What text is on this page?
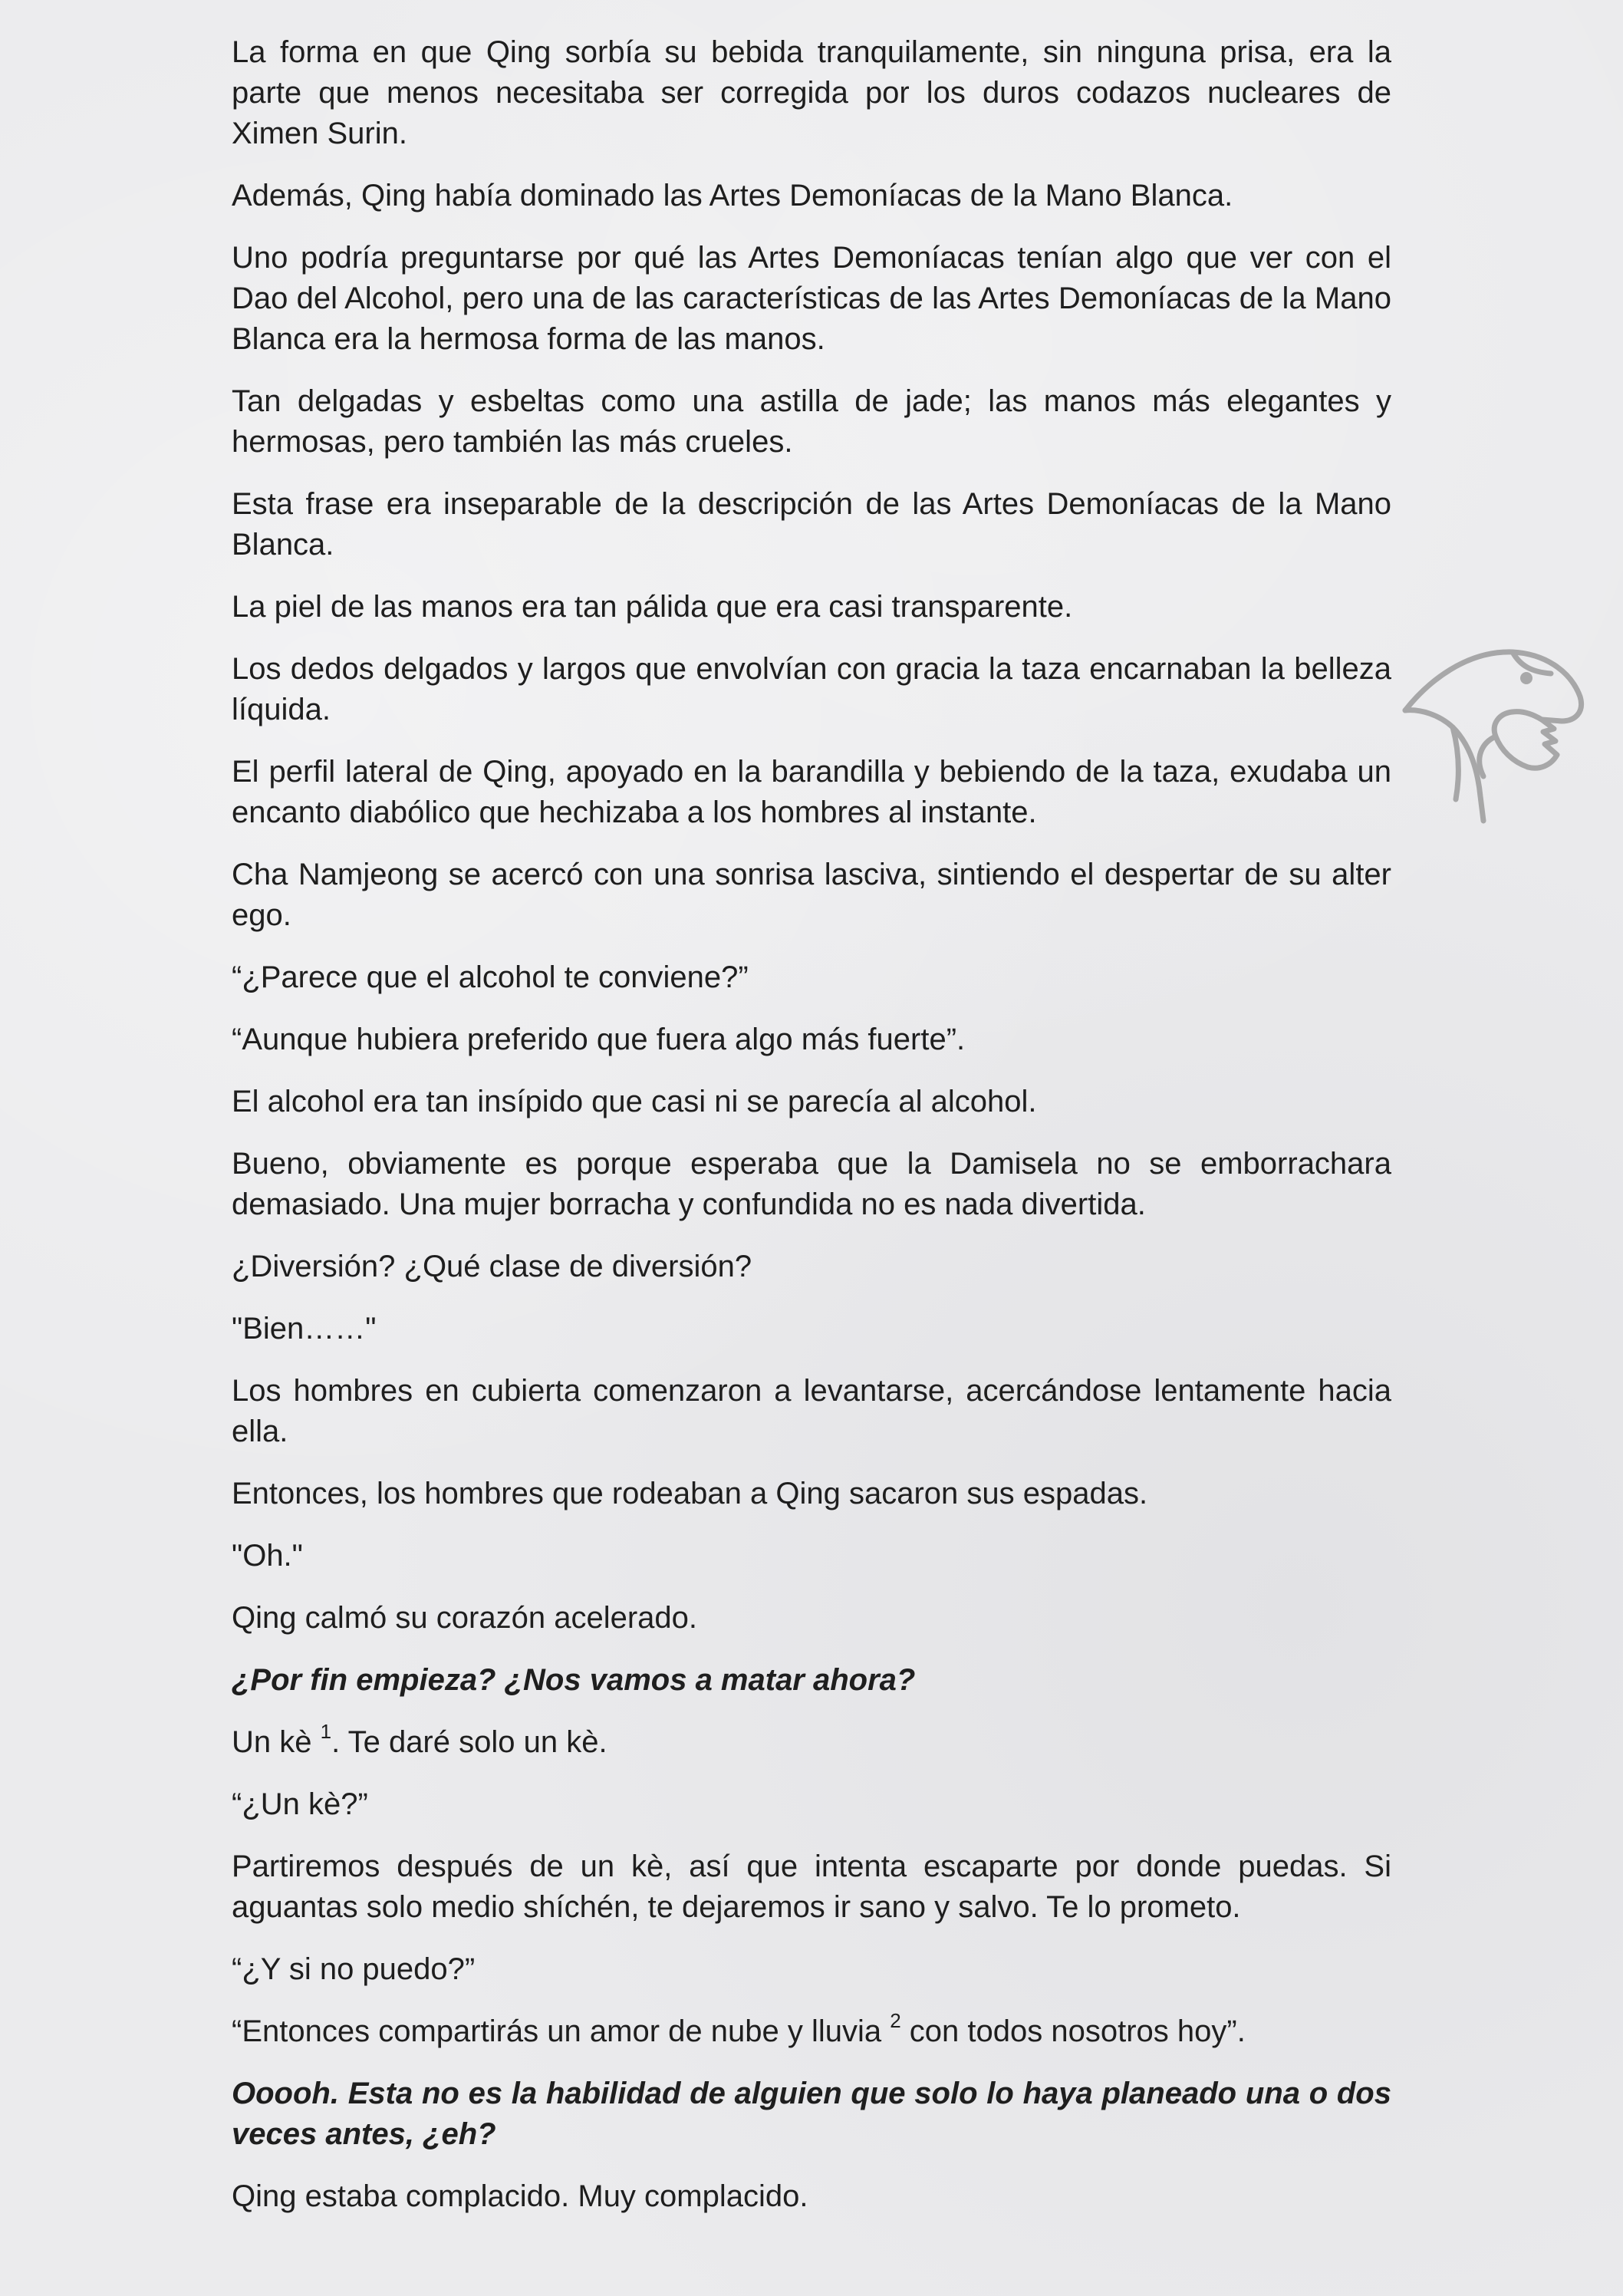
La forma en que Qing sorbía su bebida tranquilamente, sin ninguna prisa, era la parte que menos necesitaba ser corregida por los duros codazos nucleares de Ximen Surin.

Además, Qing había dominado las Artes Demoníacas de la Mano Blanca.

Uno podría preguntarse por qué las Artes Demoníacas tenían algo que ver con el Dao del Alcohol, pero una de las características de las Artes Demoníacas de la Mano Blanca era la hermosa forma de las manos.

Tan delgadas y esbeltas como una astilla de jade; las manos más elegantes y hermosas, pero también las más crueles.

Esta frase era inseparable de la descripción de las Artes Demoníacas de la Mano Blanca.

La piel de las manos era tan pálida que era casi transparente.

Los dedos delgados y largos que envolvían con gracia la taza encarnaban la belleza líquida.

El perfil lateral de Qing, apoyado en la barandilla y bebiendo de la taza, exudaba un encanto diabólico que hechizaba a los hombres al instante.

Cha Namjeong se acercó con una sonrisa lasciva, sintiendo el despertar de su alter ego.

“¿Parece que el alcohol te conviene?”

“Aunque hubiera preferido que fuera algo más fuerte”.

El alcohol era tan insípido que casi ni se parecía al alcohol.

Bueno, obviamente es porque esperaba que la Damisela no se emborrachara demasiado. Una mujer borracha y confundida no es nada divertida.

¿Diversión? ¿Qué clase de diversión?

"Bien……"

Los hombres en cubierta comenzaron a levantarse, acercándose lentamente hacia ella.

Entonces, los hombres que rodeaban a Qing sacaron sus espadas.

"Oh."

Qing calmó su corazón acelerado.

¿Por fin empieza? ¿Nos vamos a matar ahora?

Un kè $^1$. Te daré solo un kè.

“¿Un kè?”

Partiremos después de un kè, así que intenta escaparte por donde puedas. Si aguantas solo medio shíchén, te dejaremos ir sano y salvo. Te lo prometo.

“¿Y si no puedo?”

“Entonces compartirás un amor de nube y lluvia $^2$ con todos nosotros hoy”.

Ooooh. Esta no es la habilidad de alguien que solo lo haya planeado una o dos veces antes, ¿eh?

Qing estaba complacido. Muy complacido.
